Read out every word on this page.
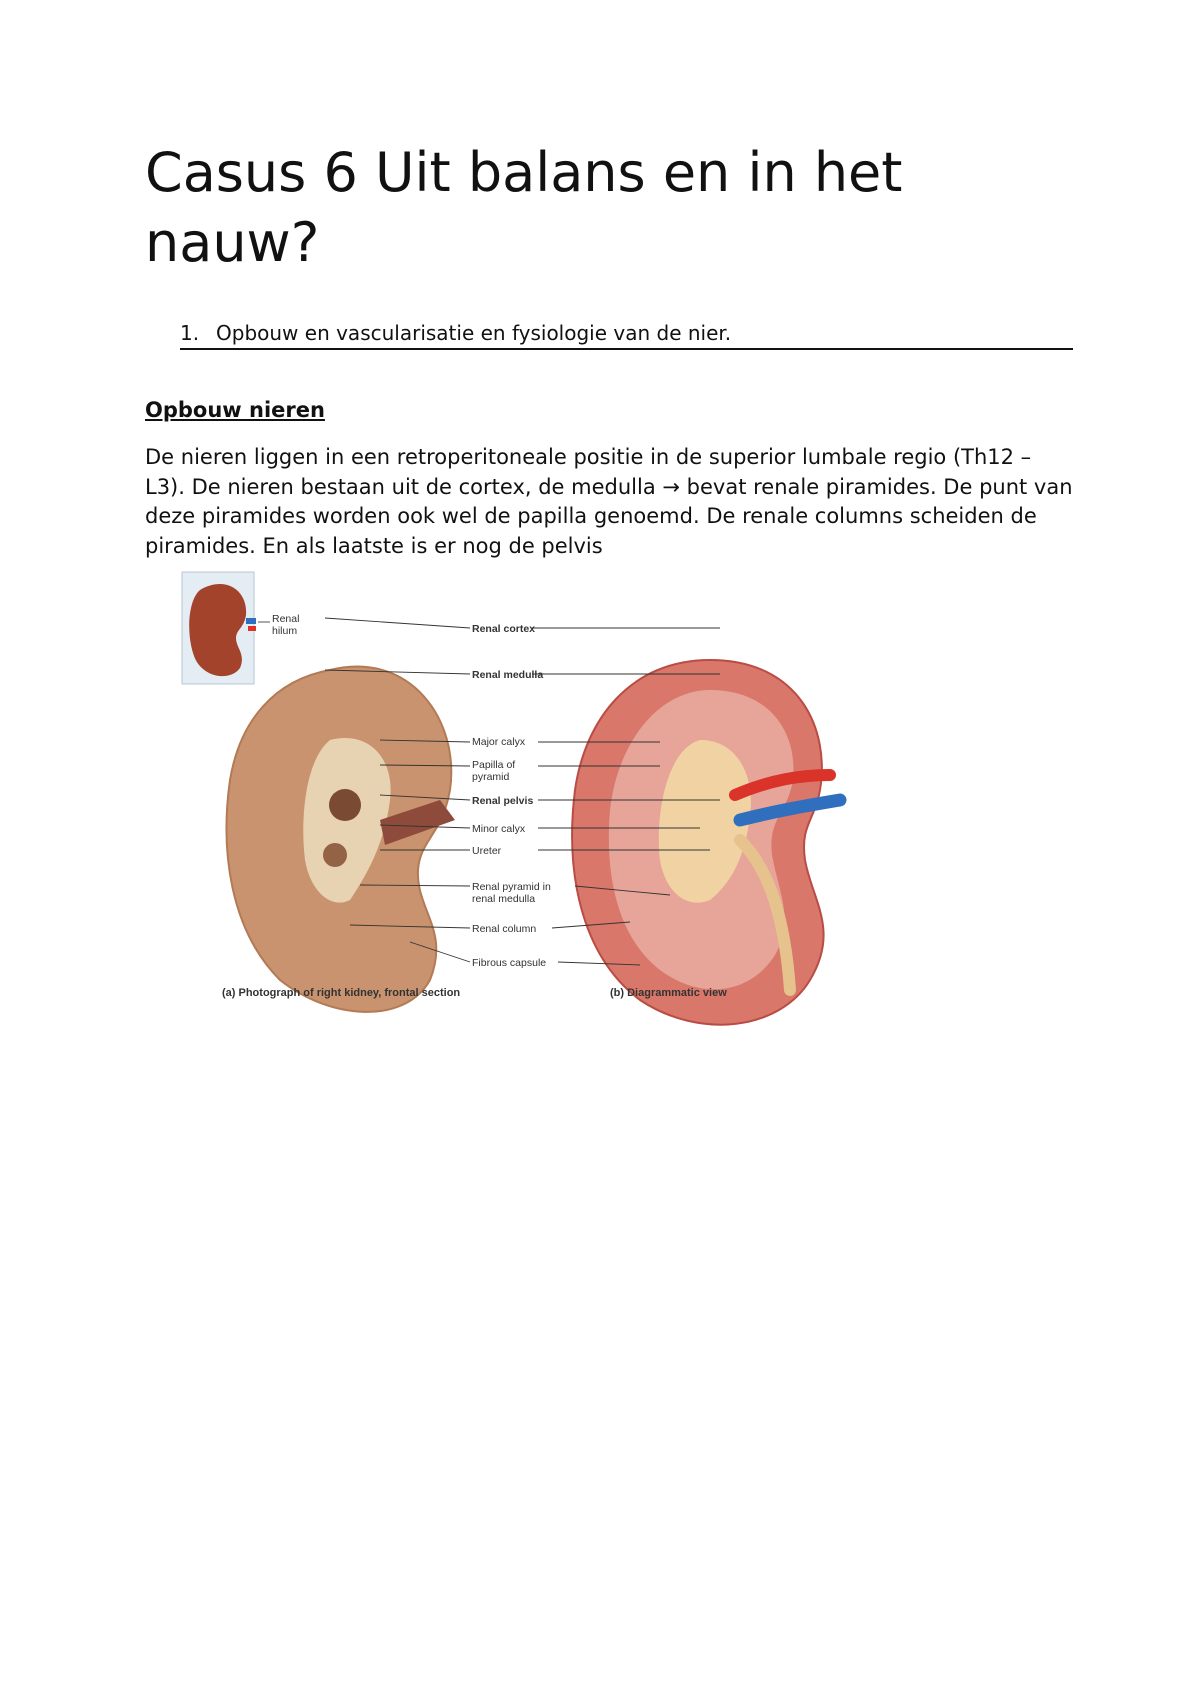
Casus 6 Uit balans en in het nauw?
1. Opbouw en vascularisatie en fysiologie van de nier.
Opbouw nieren

De nieren liggen in een retroperitoneale positie in de superior lumbale regio (Th12 – L3). De nieren bestaan uit de cortex, de medulla → bevat renale piramides. De punt van deze piramides worden ook wel de papilla genoemd. De renale columns scheiden de piramides. En als laatste is er nog de pelvis

Renal
hilum	Renal cortex
Renal medulla
Major calyx
Papilla of
pyramid
Renal pelvis
Minor calyx
Ureter
Renal pyramid in
renal medulla
Renal column
Fibrous capsule
(a) Photograph of right kidney, frontal section	(b) Diagrammatic view
